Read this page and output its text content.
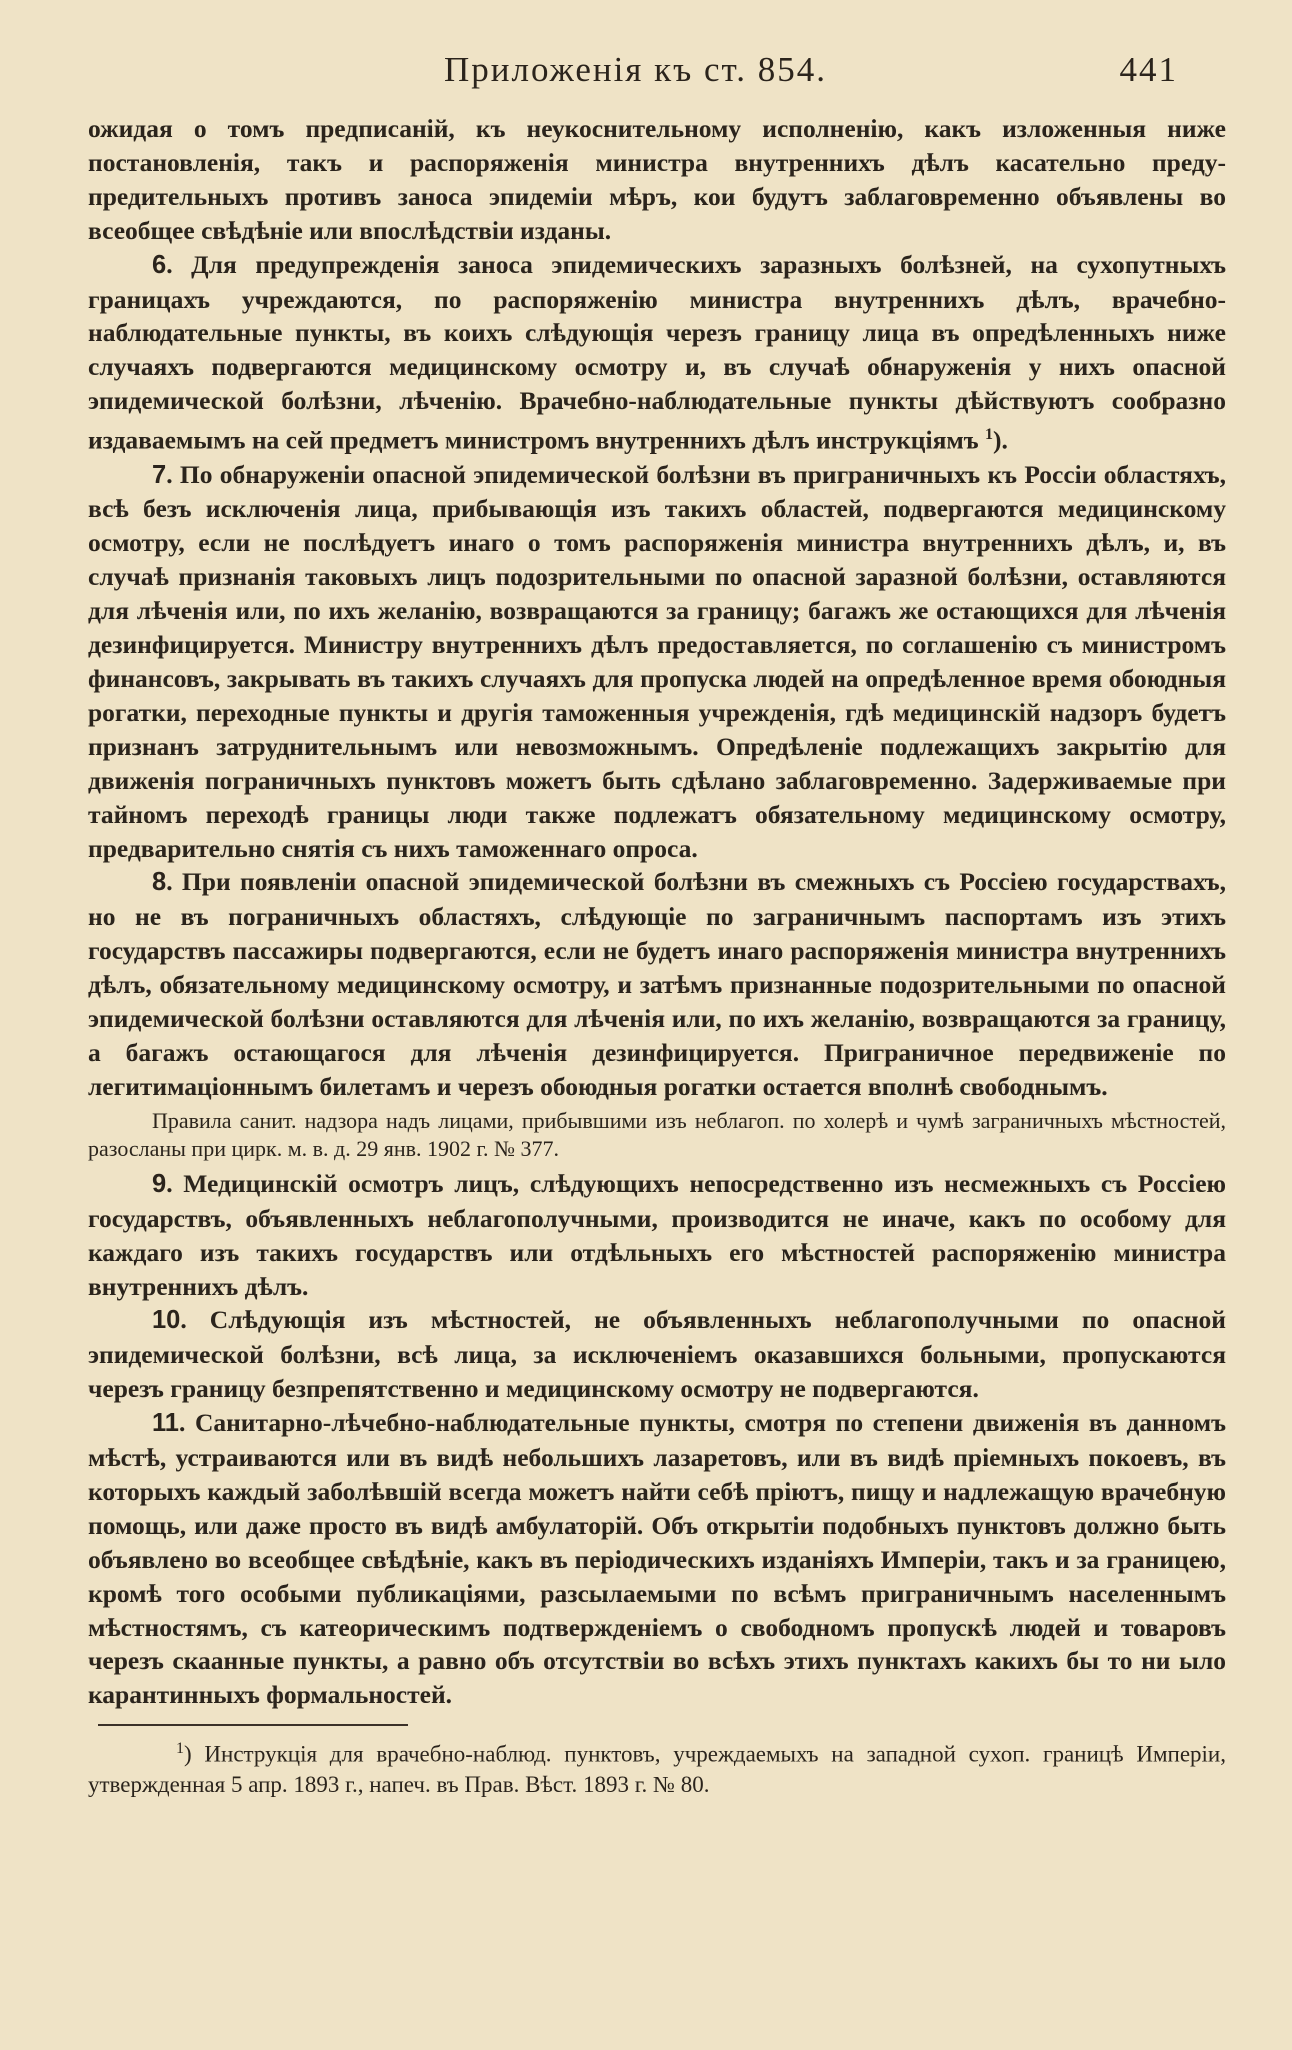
Приложенія къ ст. 854.	441

ожидая о томъ предписаній, къ неукоснительному исполненію, какъ изложенныя ниже постановленія, такъ и распоряженія министра внутреннихъ дѣлъ касательно предупредительныхъ противъ заноса эпидеміи мѣръ, кои будутъ заблаговременно объявлены во всеобщее свѣдѣніе или впослѣдствіи изданы.

6. Для предупрежденія заноса эпидемическихъ заразныхъ болѣзней, на сухопутныхъ границахъ учреждаются, по распоряженію министра внутреннихъ дѣлъ, врачебно-наблюдательные пункты, въ коихъ слѣдующія черезъ границу лица въ опредѣленныхъ ниже случаяхъ подвергаются медицинскому осмотру и, въ случаѣ обнаруженія у нихъ опасной эпидемической болѣзни, лѣченію. Врачебно-наблюдательные пункты дѣйствуютъ сообразно издаваемымъ на сей предметъ министромъ внутреннихъ дѣлъ инструкціямъ $^1$).

7. По обнаруженіи опасной эпидемической болѣзни въ приграничныхъ къ Россіи областяхъ, всѣ безъ исключенія лица, прибывающія изъ такихъ областей, подвергаются медицинскому осмотру, если не послѣдуетъ инаго о томъ распоряженія министра внутреннихъ дѣлъ, и, въ случаѣ признанія таковыхъ лицъ подозрительными по опасной заразной болѣзни, оставляются для лѣченія или, по ихъ желанію, возвращаются за границу; багажъ же остающихся для лѣченія дезинфицируется. Министру внутреннихъ дѣлъ предоставляется, по соглашенію съ министромъ финансовъ, закрывать въ такихъ случаяхъ для пропуска людей на опредѣленное время обоюдныя рогатки, переходные пункты и другія таможенныя учрежденія, гдѣ медицинскій надзоръ будетъ признанъ затруднительнымъ или невозможнымъ. Опредѣленіе подлежащихъ закрытію для движенія пограничныхъ пунктовъ можетъ быть сдѣлано заблаговременно. Задерживаемые при тайномъ переходѣ границы люди также подлежатъ обязательному медицинскому осмотру, предварительно снятія съ нихъ таможеннаго опроса.

8. При появленіи опасной эпидемической болѣзни въ смежныхъ съ Россіею государствахъ, но не въ пограничныхъ областяхъ, слѣдующіе по заграничнымъ паспортамъ изъ этихъ государствъ пассажиры подвергаются, если не будетъ инаго распоряженія министра внутреннихъ дѣлъ, обязательному медицинскому осмотру, и затѣмъ признанные подозрительными по опасной эпидемической болѣзни оставляются для лѣченія или, по ихъ желанію, возвращаются за границу, а багажъ остающагося для лѣченія дезинфицируется. Приграничное передвиженіе по легитимаціоннымъ билетамъ и черезъ обоюдныя рогатки остается вполнѣ свободнымъ.

Правила санит. надзора надъ лицами, прибывшими изъ неблагоп. по холерѣ и чумѣ заграничныхъ мѣстностей, разосланы при цирк. м. в. д. 29 янв. 1902 г. № 377.

9. Медицинскій осмотръ лицъ, слѣдующихъ непосредственно изъ несмежныхъ съ Россіею государствъ, объявленныхъ неблагополучными, производится не иначе, какъ по особому для каждаго изъ такихъ государствъ или отдѣльныхъ его мѣстностей распоряженію министра внутреннихъ дѣлъ.

10. Слѣдующія изъ мѣстностей, не объявленныхъ неблагополучными по опасной эпидемической болѣзни, всѣ лица, за исключеніемъ оказавшихся больными, пропускаются черезъ границу безпрепятственно и медицинскому осмотру не подвергаются.

11. Санитарно-лѣчебно-наблюдательные пункты, смотря по степени движенія въ данномъ мѣстѣ, устраиваются или въ видѣ небольшихъ лазаретовъ, или въ видѣ пріемныхъ покоевъ, въ которыхъ каждый заболѣвшій всегда можетъ найти себѣ пріютъ, пищу и надлежащую врачебную помощь, или даже просто въ видѣ амбулаторій. Объ открытіи подобныхъ пунктовъ должно быть объявлено во всеобщее свѣдѣніе, какъ въ періодическихъ изданіяхъ Имперіи, такъ и за границею, кромѣ того особыми публикаціями, разсылаемыми по всѣмъ приграничнымъ населеннымъ мѣстностямъ, съ катеорическимъ подтвержденіемъ о свободномъ пропускѣ людей и товаровъ черезъ скаанные пункты, а равно объ отсутствіи во всѣхъ этихъ пунктахъ какихъ бы то ни ыло карантинныхъ формальностей.

$^1$) Инструкція для врачебно-наблюд. пунктовъ, учреждаемыхъ на западной сухоп. границѣ Имперіи, утвержденная 5 апр. 1893 г., напеч. въ Прав. Вѣст. 1893 г. № 80.
